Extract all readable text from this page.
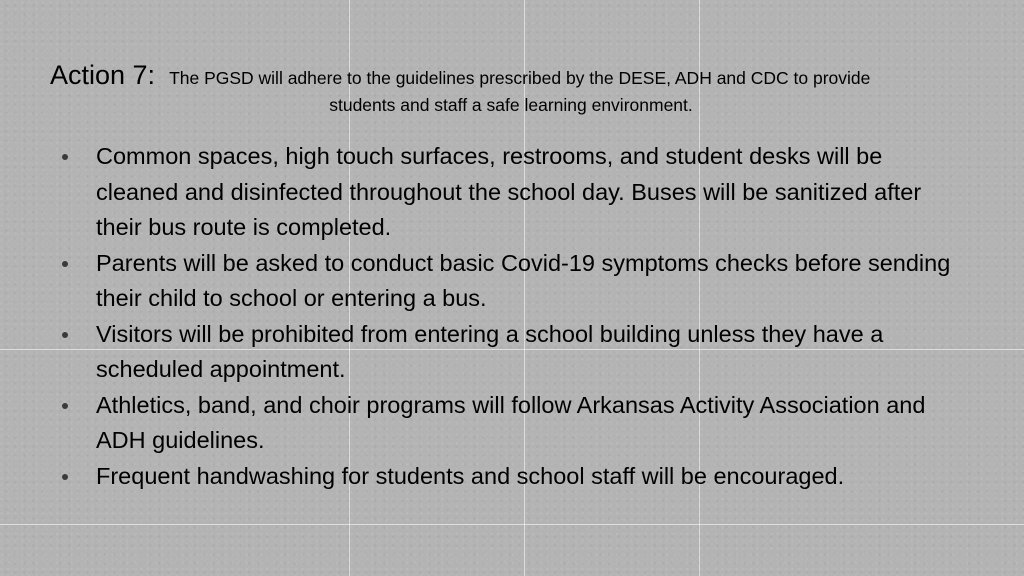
Action 7: The PGSD will adhere to the guidelines prescribed by the DESE, ADH and CDC to provide
students and staff a safe learning environment.
Common spaces, high touch surfaces, restrooms, and student desks will be cleaned and disinfected throughout the school day. Buses will be sanitized after their bus route is completed.
Parents will be asked to conduct basic Covid-19 symptoms checks before sending their child to school or entering a bus.
Visitors will be prohibited from entering a school building unless they have a scheduled appointment.
Athletics, band, and choir programs will follow Arkansas Activity Association and ADH guidelines.
Frequent handwashing for students and school staff will be encouraged.
